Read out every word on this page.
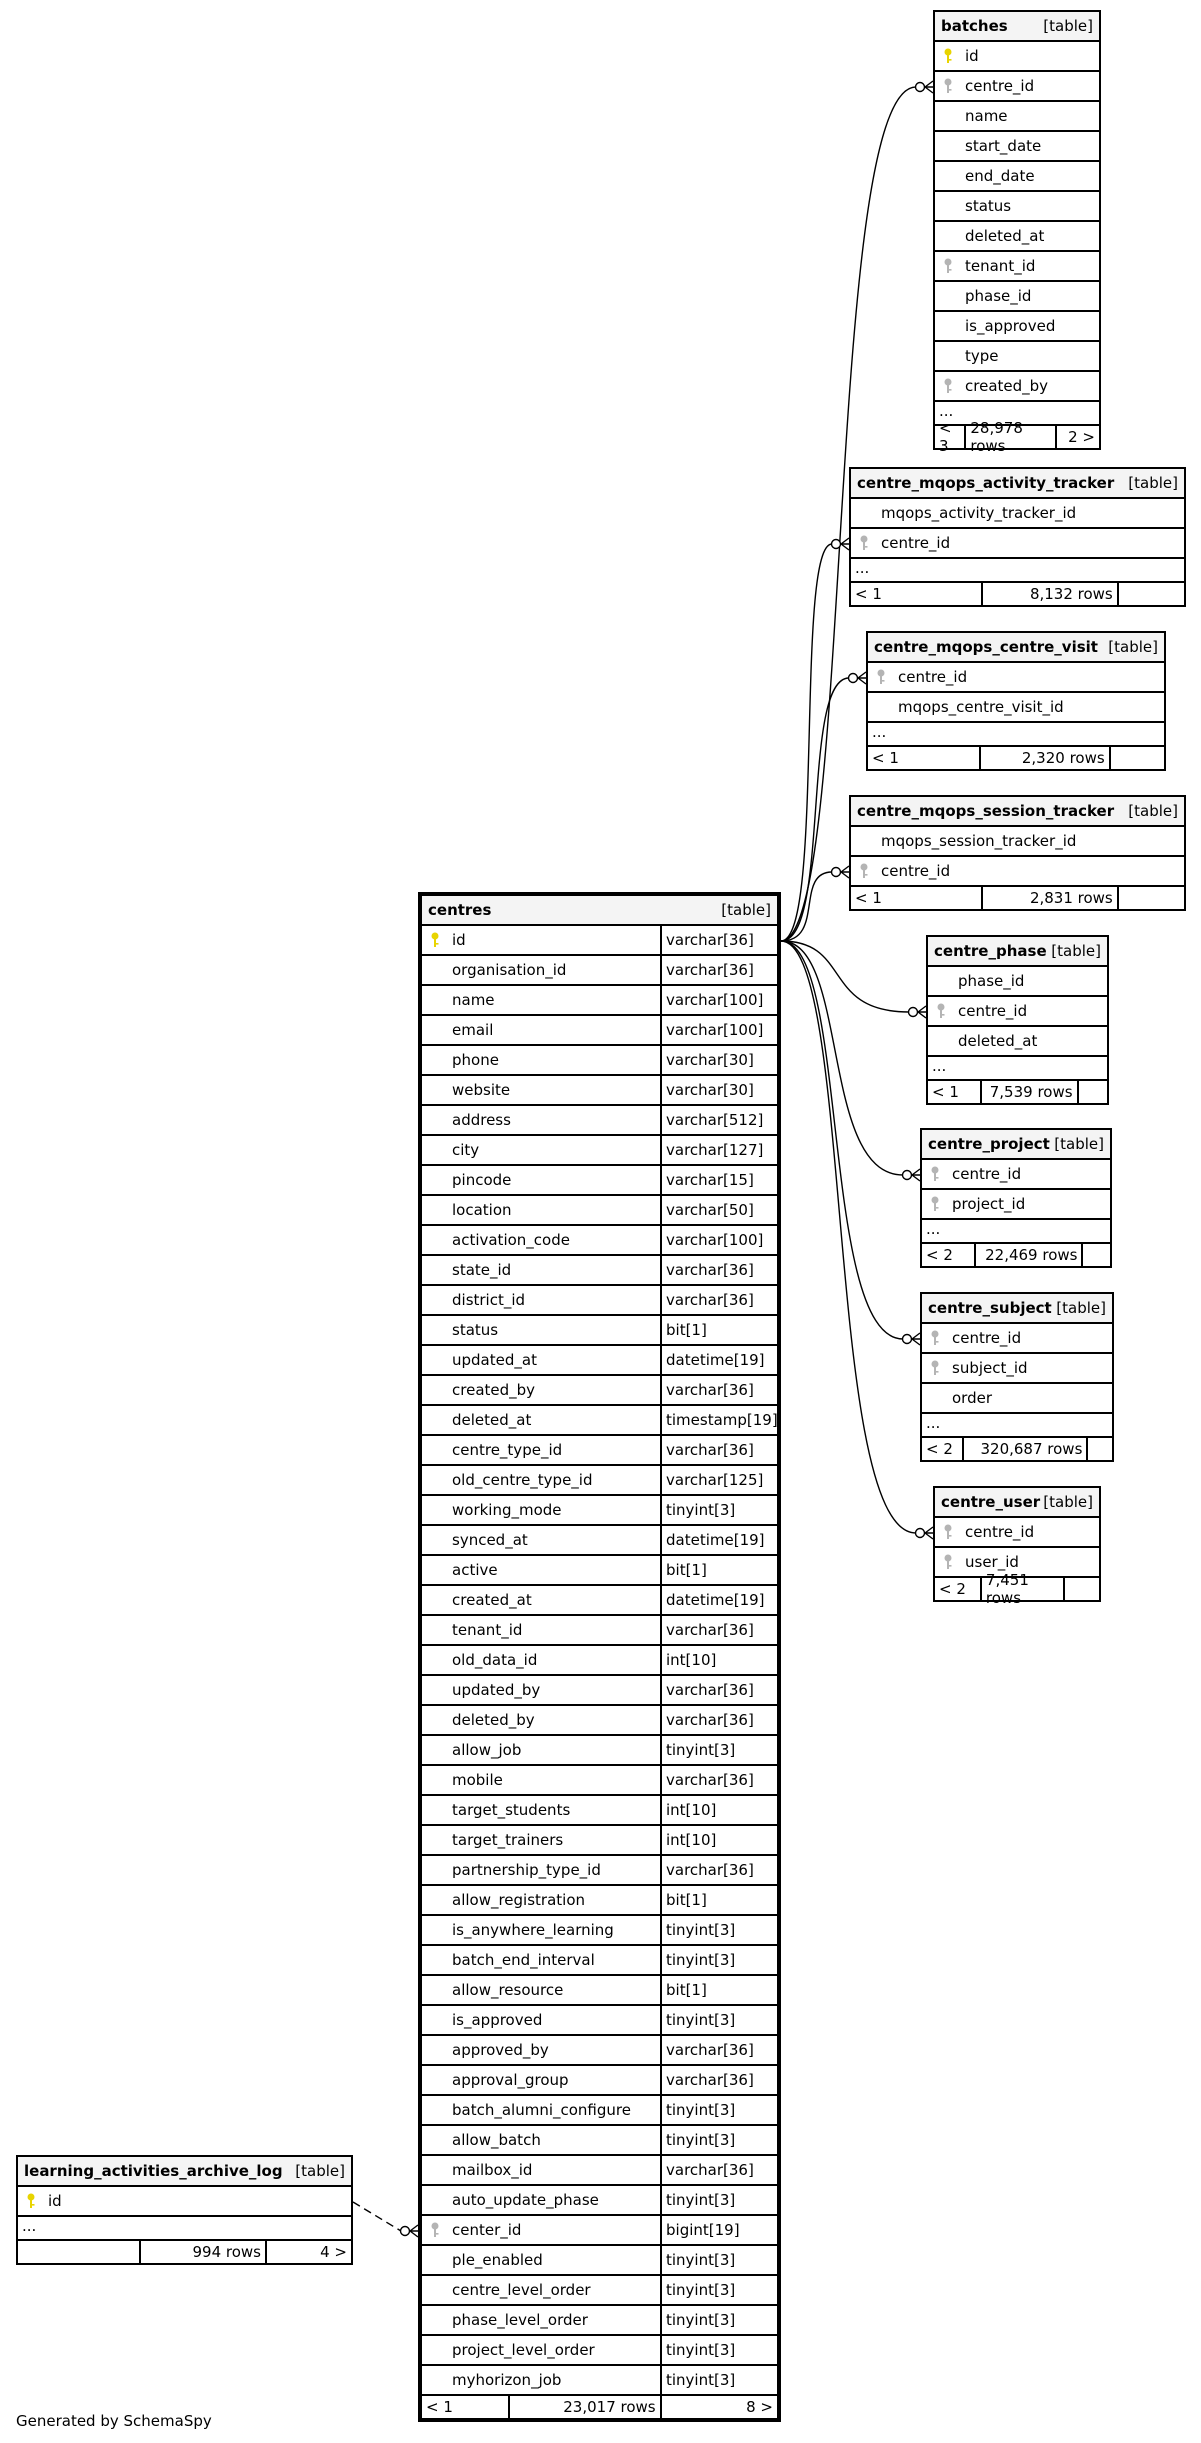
batches [table]
id
centre_id
name
start_date
end_date
status
deleted_at
tenant_id
phase_id
is_approved
type
created_by
...
< 3
28,978 rows	2 >
centre_mqops_activity_tracker [table]
mqops_activity_tracker_id
centre_id
...
< 1	8,132 rows
centre_mqops_centre_visit [table]
centre_id
mqops_centre_visit_id
...
< 1	2,320 rows
centre_mqops_session_tracker [table]
mqops_session_tracker_id
centre_id
< 1	2,831 rows
centre_phase [table]
phase_id
centre_id
deleted_at
...
< 1	7,539 rows
centre_project [table]
centre_id
project_id
...
< 2	22,469 rows
centre_subject [table]
centre_id
subject_id
order
...
< 2	320,687 rows
centre_user [table]
centre_id
user_id
< 2	7,451 rows
centres	[table]
id	varchar[36]
organisation_id	varchar[36]
name	varchar[100]
email	varchar[100]
phone	varchar[30]
website	varchar[30]
address	varchar[512]
city	varchar[127]
pincode	varchar[15]
location	varchar[50]
activation_code	varchar[100]
state_id	varchar[36]
district_id	varchar[36]
status	bit[1]
updated_at	datetime[19]
created_by	varchar[36]
deleted_at	timestamp[19]
centre_type_id	varchar[36]
old_centre_type_id	varchar[125]
working_mode	tinyint[3]
synced_at	datetime[19]
active	bit[1]
created_at	datetime[19]
tenant_id	varchar[36]
old_data_id	int[10]
updated_by	varchar[36]
deleted_by	varchar[36]
allow_job	tinyint[3]
mobile	varchar[36]
target_students	int[10]
target_trainers	int[10]
partnership_type_id	varchar[36]
allow_registration	bit[1]
is_anywhere_learning	tinyint[3]
batch_end_interval	tinyint[3]
allow_resource	bit[1]
is_approved	tinyint[3]
approved_by	varchar[36]
approval_group	varchar[36]
batch_alumni_configure	tinyint[3]
allow_batch	tinyint[3]
mailbox_id	varchar[36]
auto_update_phase	tinyint[3]
center_id	bigint[19]
ple_enabled	tinyint[3]
centre_level_order	tinyint[3]
phase_level_order	tinyint[3]
project_level_order	tinyint[3]
myhorizon_job	tinyint[3]
< 1	23,017 rows	8 >
learning_activities_archive_log [table]
id
...
994 rows	4 >
Generated by SchemaSpy
